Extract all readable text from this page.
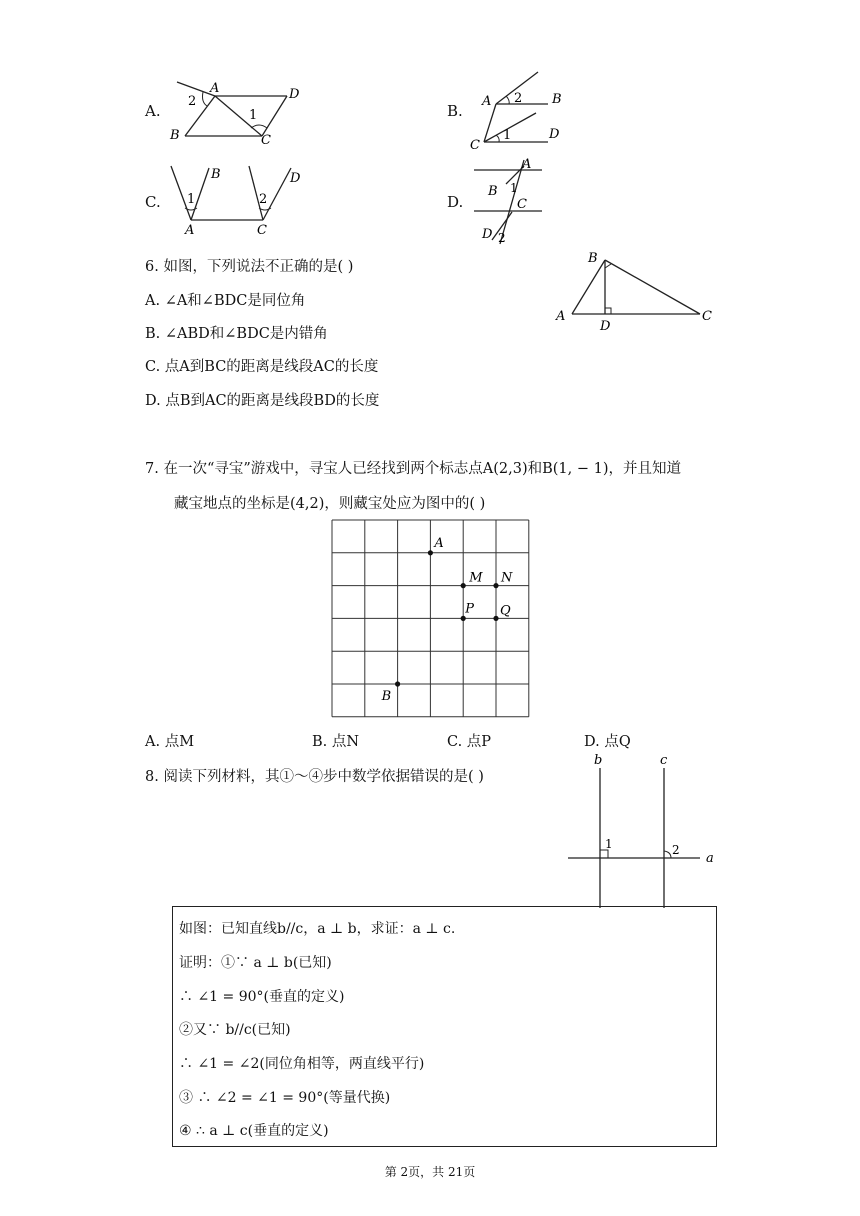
A.
A	D
B	C
2
1	B.
A	B
C
D
2
1
C.
B
A	C
D
1	2	D.
A
B
C
D
1
2
6. 如图，下列说法不正确的是( )
A. ∠A和∠BDC是同位角
B. ∠ABD和∠BDC是内错角
C. 点A到BC的距离是线段AC的长度
D. 点B到AC的距离是线段BD的长度
B
A
D
C
7. 在一次“寻宝”游戏中，寻宝人已经找到两个标志点A(2,3)和B(1, − 1)，并且知道
藏宝地点的坐标是(4,2)，则藏宝处应为图中的( )
A
M N
P Q
B
A. 点M	B. 点N	C. 点P	D. 点Q
8. 阅读下列材料，其①～④步中数学依据错误的是( )
b	c
a
1	2
如图：已知直线b//c，a ⊥ b，求证：a ⊥ c.
证明：①∵ a ⊥ b(已知)
∴ ∠1 = 90°(垂直的定义)
②又∵ b//c(已知)
∴ ∠1 = ∠2(同位角相等，两直线平行)
③ ∴ ∠2 = ∠1 = 90°(等量代换)
④ ∴ a ⊥ c(垂直的定义)
第 2页，共 21页
